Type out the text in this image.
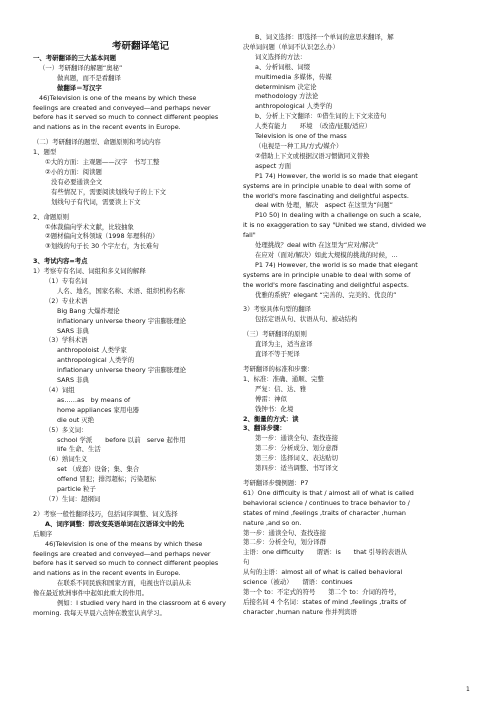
考研翻译笔记
一、考研翻译的三大基本问题
（一）考研翻译的解题“奥秘”
做真题，而不是看翻译
做翻译＝写汉字
46)Television is one of the means by which these
feelings are created and conveyed—and perhaps never
before has it served so much to connect different peoples
and nations as in the recent events in Europe.
（二）考研翻译的题型、命题原则和考试内容
1、题型
①大的方面：主观题——汉字　书写工整
②小的方面：阅读题
没有必要通读全文
有些情况下，需要阅读划线句子的上下文
划线句子有代词，需要读上下文
2、命题原则
①体裁偏向学术文献，比较抽象
②题材偏向文科领域（1998 年理科的）
③划线的句子长 30 个字左右，为长难句
3、考试内容=考点
1）考察专有名词、词组和多义词的解释
（1）专有名词
人名、地名，国家名称、术语、组织机构名称
（2）专业术语
Big Bang 大爆炸理论
inflationary universe theory 宇宙膨胀理论
SARS 非典
（3）学科术语
anthropoloist 人类学家
anthropological 人类学的
inflationary universe theory 宇宙膨胀理论
SARS 非典
（4）词组
as……as　by means of
home appliances 家用电器
die out 灭绝
（5）多义词：
school 学派　　before 以前　serve 起作用
life 生命、生活
（6）熟词生义
set （成套）设备；集、集合
offend 冒犯；排泻超标；污染超标
particle 粒子
（7）生词：超纲词
2）考察一般性翻译技巧，包括词序调整、词义选择
A、词序调整：即改变英语单词在汉语译文中的先
后顺序
46)Television is one of the means by which these
feelings are created and conveyed—and perhaps never
before has it served so much to connect different peoples
and nations as in the recent events in Europe.
在联系不同民族和国家方面，电视也许以前从未
像在最近欧洲事件中起如此重大的作用。
例如：I studied very hard in the classroom at 6 every
morning. 我每天早晨六点钟在教室认真学习。
B、词义选择：即选择一个单词的意思来翻译，解
决单词问题（单词不认识怎么办）
词义选择的方法：
a、分析词根、词缀
multimedia 多媒体，传媒
determinism 决定论
methodology 方法论
anthropological 人类学的
b、分析上下文翻译：①借生词的上下文来造句
人类有能力　　环境　（改造/征服/适应）
Television is one of the mass
（电视是一种工具/方式/媒介）
②借助上下文或根据汉语习惯做同义替换
aspect 方面
P1 74) However, the world is so made that elegant
systems are in principle unable to deal with some of
the world's more fascinating and delightful aspects.
deal with 处理，解决　aspect 在这里为“问题”
P10 50) In dealing with a challenge on such a scale,
it is no exaggeration to say "United we stand, divided we
fall"
处理挑战？deal with 在这里为“应对/解决”
在应对（面对/解决）如此大规模的挑战的时候，…
P1 74) However, the world is so made that elegant
systems are in principle unable to deal with some of
the world's more fascinating and delightful aspects.
优雅的系统？elegant “完善的、完美的、优良的”
3）考察具体句型的翻译
包括定语从句、状语从句、被动结构
（三）考研翻译的原则
直译为主，适当意译
直译不等于死译
考研翻译的标准和步骤：
1、标准：准确、通顺、完整
严复：信、达、雅
傅雷：神似
钱钟书：化境
2、衡量的方式：读
3、翻译步骤：
第一步：通读全句、查找连接
第二步：分析成分、划分意群
第三步：选择词义、表达贴切
第四步：适当调整、书写译文
考研翻译步骤例题：P7
61）One difficulty is that / almost all of what is called
behavioral science / continues to trace behavior to /
states of mind ,feelings ,traits of character ,human
nature ,and so on.
第一步：通读全句、查找连接
第二步：分析全句，划分译群
主语：one difficulty　　谓语：is　　that 引导的表语从
句
从句的主语：almost all of what is called behavioral
science（被动）　　谓语：continues
第一个 to：不定式的符号　　第二个 to：介词的符号，
后接名词 4 个名词：states of mind ,feelings ,traits of
character ,human nature 作并列宾语
1
